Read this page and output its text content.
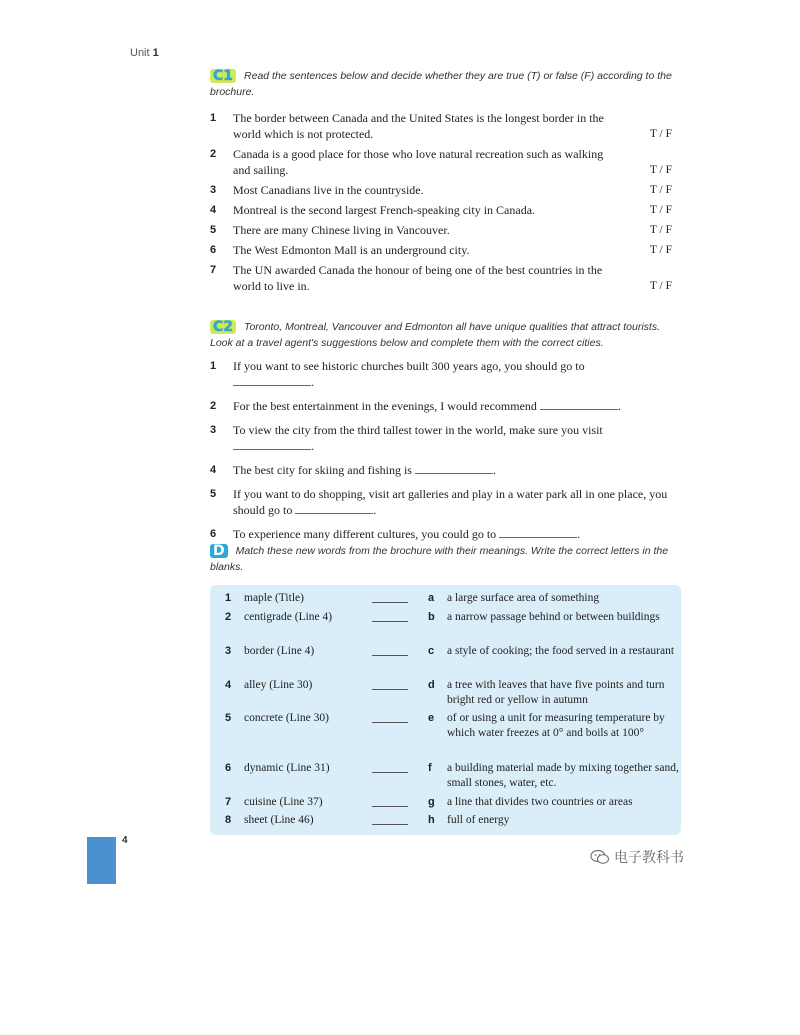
Unit 1
C1 Read the sentences below and decide whether they are true (T) or false (F) according to the brochure.
1	The border between Canada and the United States is the longest border in the world which is not protected.	T / F
2	Canada is a good place for those who love natural recreation such as walking and sailing.	T / F
3	Most Canadians live in the countryside.	T / F
4	Montreal is the second largest French-speaking city in Canada.	T / F
5	There are many Chinese living in Vancouver.	T / F
6	The West Edmonton Mall is an underground city.	T / F
7	The UN awarded Canada the honour of being one of the best countries in the world to live in.	T / F
C2 Toronto, Montreal, Vancouver and Edmonton all have unique qualities that attract tourists. Look at a travel agent's suggestions below and complete them with the correct cities.
1	If you want to see historic churches built 300 years ago, you should go to
.
2	For the best entertainment in the evenings, I would recommend	.
3	To view the city from the third tallest tower in the world, make sure you visit
.
4	The best city for skiing and fishing is	.
5	If you want to do shopping, visit art galleries and play in a water park all in one place, you should go to	.
6	To experience many different cultures, you could go to	.
D Match these new words from the brochure with their meanings. Write the correct letters in the blanks.
1 maple (Title)	a a large surface area of something
2 centigrade (Line 4)	b a narrow passage behind or between buildings
3 border (Line 4)	c a style of cooking; the food served in a restaurant
4 alley (Line 30)	d a tree with leaves that have five points and turn bright red or yellow in autumn
5 concrete (Line 30)	e of or using a unit for measuring temperature by which water freezes at 0° and boils at 100°
6 dynamic (Line 31)	f a building material made by mixing together sand, small stones, water, etc.
7 cuisine (Line 37)	g a line that divides two countries or areas
8 sheet (Line 46)	h full of energy
4
电子教科书
